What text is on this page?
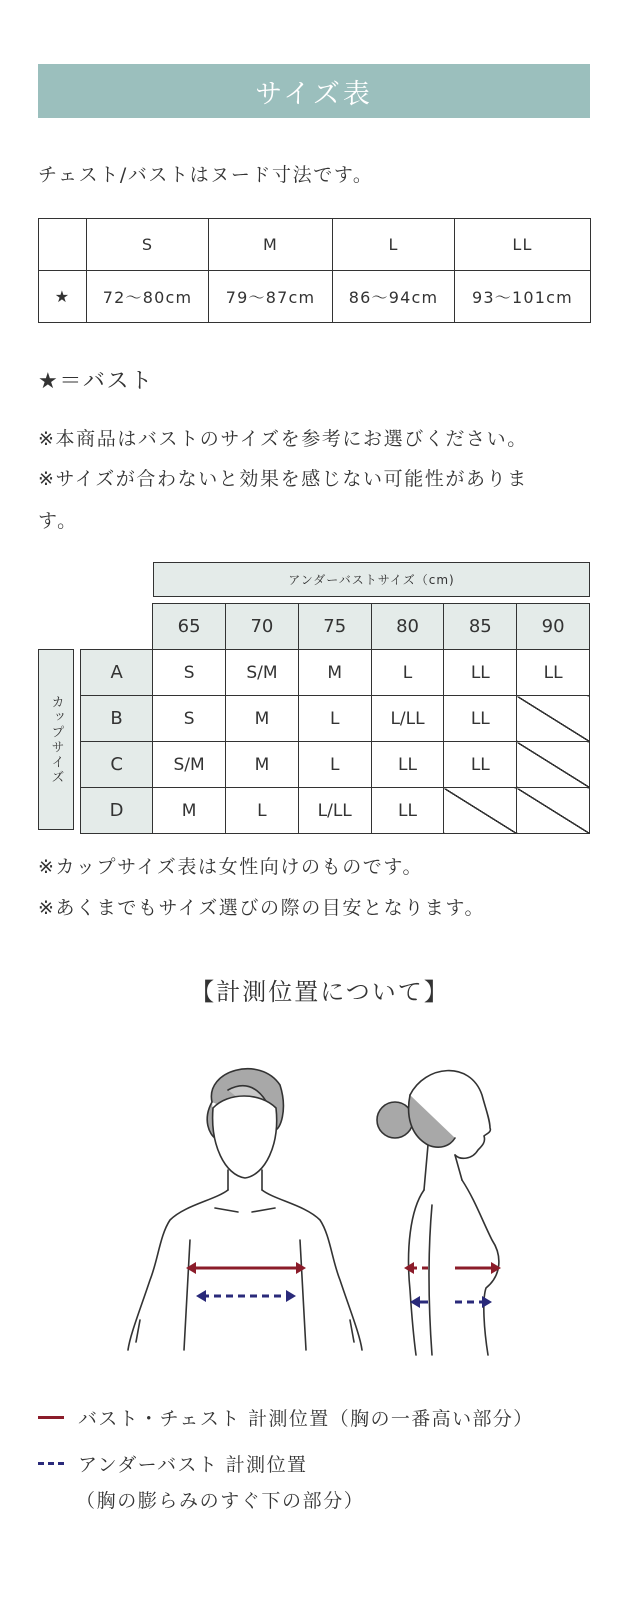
サイズ表
チェスト/バストはヌード寸法です。
	S	M	L	LL
★	72～80cm	79～87cm	86～94cm	93～101cm
★＝バスト
※本商品はバストのサイズを参考にお選びください。
※サイズが合わないと効果を感じない可能性がありま
す。
アンダーバストサイズ（cm)
カップサイズ
	65	70	75	80	85	90
A	S	S/M	M	L	LL	LL
B	S	M	L	L/LL	LL	
C	S/M	M	L	LL	LL	
D	M	L	L/LL	LL		
※カップサイズ表は女性向けのものです。
※あくまでもサイズ選びの際の目安となります。
【計測位置について】
バスト・チェスト 計測位置（胸の一番高い部分）
アンダーバスト 計測位置
（胸の膨らみのすぐ下の部分）
